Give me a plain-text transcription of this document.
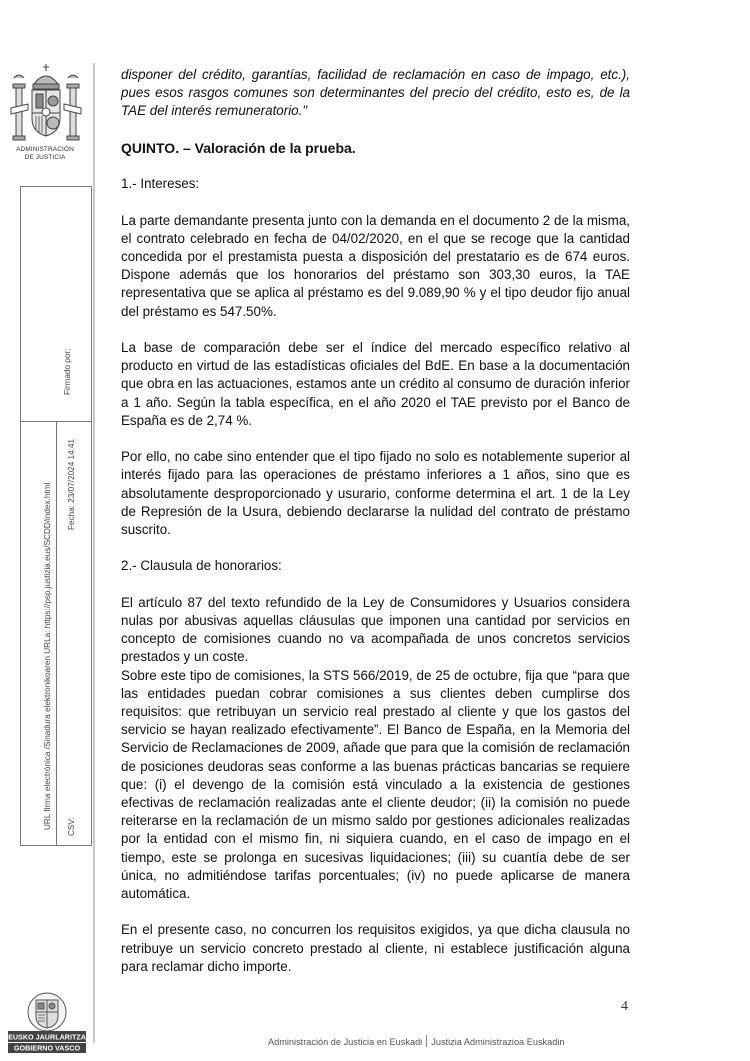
ADMINISTRACIÓN
DE JUSTICIA
Firmado por:
URL firma electrónica /Sinadura elektronikoaren URLa: https://psp.justizia.eus/SCDD/index.html Fecha: 23/07/2024 14:41
CSV:

disponer del crédito, garantías, facilidad de reclamación en caso de impago, etc.), pues esos rasgos comunes son determinantes del precio del crédito, esto es, de la TAE del interés remuneratorio."

QUINTO. – Valoración de la prueba.

1.- Intereses:

La parte demandante presenta junto con la demanda en el documento 2 de la misma, el contrato celebrado en fecha de 04/02/2020, en el que se recoge que la cantidad concedida por el prestamista puesta a disposición del prestatario es de 674 euros. Dispone además que los honorarios del préstamo son 303,30 euros, la TAE representativa que se aplica al préstamo es del 9.089,90 % y el tipo deudor fijo anual del préstamo es 547.50%.

La base de comparación debe ser el índice del mercado específico relativo al producto en virtud de las estadísticas oficiales del BdE. En base a la documentación que obra en las actuaciones, estamos ante un crédito al consumo de duración inferior a 1 año. Según la tabla específica, en el año 2020 el TAE previsto por el Banco de España es de 2,74 %.

Por ello, no cabe sino entender que el tipo fijado no solo es notablemente superior al interés fijado para las operaciones de préstamo inferiores a 1 años, sino que es absolutamente desproporcionado y usurario, conforme determina el art. 1 de la Ley de Represión de la Usura, debiendo declararse la nulidad del contrato de préstamo suscrito.

2.- Clausula de honorarios:

El artículo 87 del texto refundido de la Ley de Consumidores y Usuarios considera nulas por abusivas aquellas cláusulas que imponen una cantidad por servicios en concepto de comisiones cuando no va acompañada de unos concretos servicios prestados y un coste.

Sobre este tipo de comisiones, la STS 566/2019, de 25 de octubre, fija que “para que las entidades puedan cobrar comisiones a sus clientes deben cumplirse dos requisitos: que retribuyan un servicio real prestado al cliente y que los gastos del servicio se hayan realizado efectivamente”. El Banco de España, en la Memoria del Servicio de Reclamaciones de 2009, añade que para que la comisión de reclamación de posiciones deudoras seas conforme a las buenas prácticas bancarias se requiere que: (i) el devengo de la comisión está vinculado a la existencia de gestiones efectivas de reclamación realizadas ante el cliente deudor; (ii) la comisión no puede reiterarse en la reclamación de un mismo saldo por gestiones adicionales realizadas por la entidad con el mismo fin, ni siquiera cuando, en el caso de impago en el tiempo, este se prolonga en sucesivas liquidaciones; (iii) su cuantía debe de ser única, no admitiéndose tarifas porcentuales; (iv) no puede aplicarse de manera automática.

En el presente caso, no concurren los requisitos exigidos, ya que dicha clausula no retribuye un servicio concreto prestado al cliente, ni establece justificación alguna para reclamar dicho importe.

4
EUSKO JAURLARITZA
GOBIERNO VASCO
Administración de Justicia en Euskadi Justizia Administrazioa Euskadin
